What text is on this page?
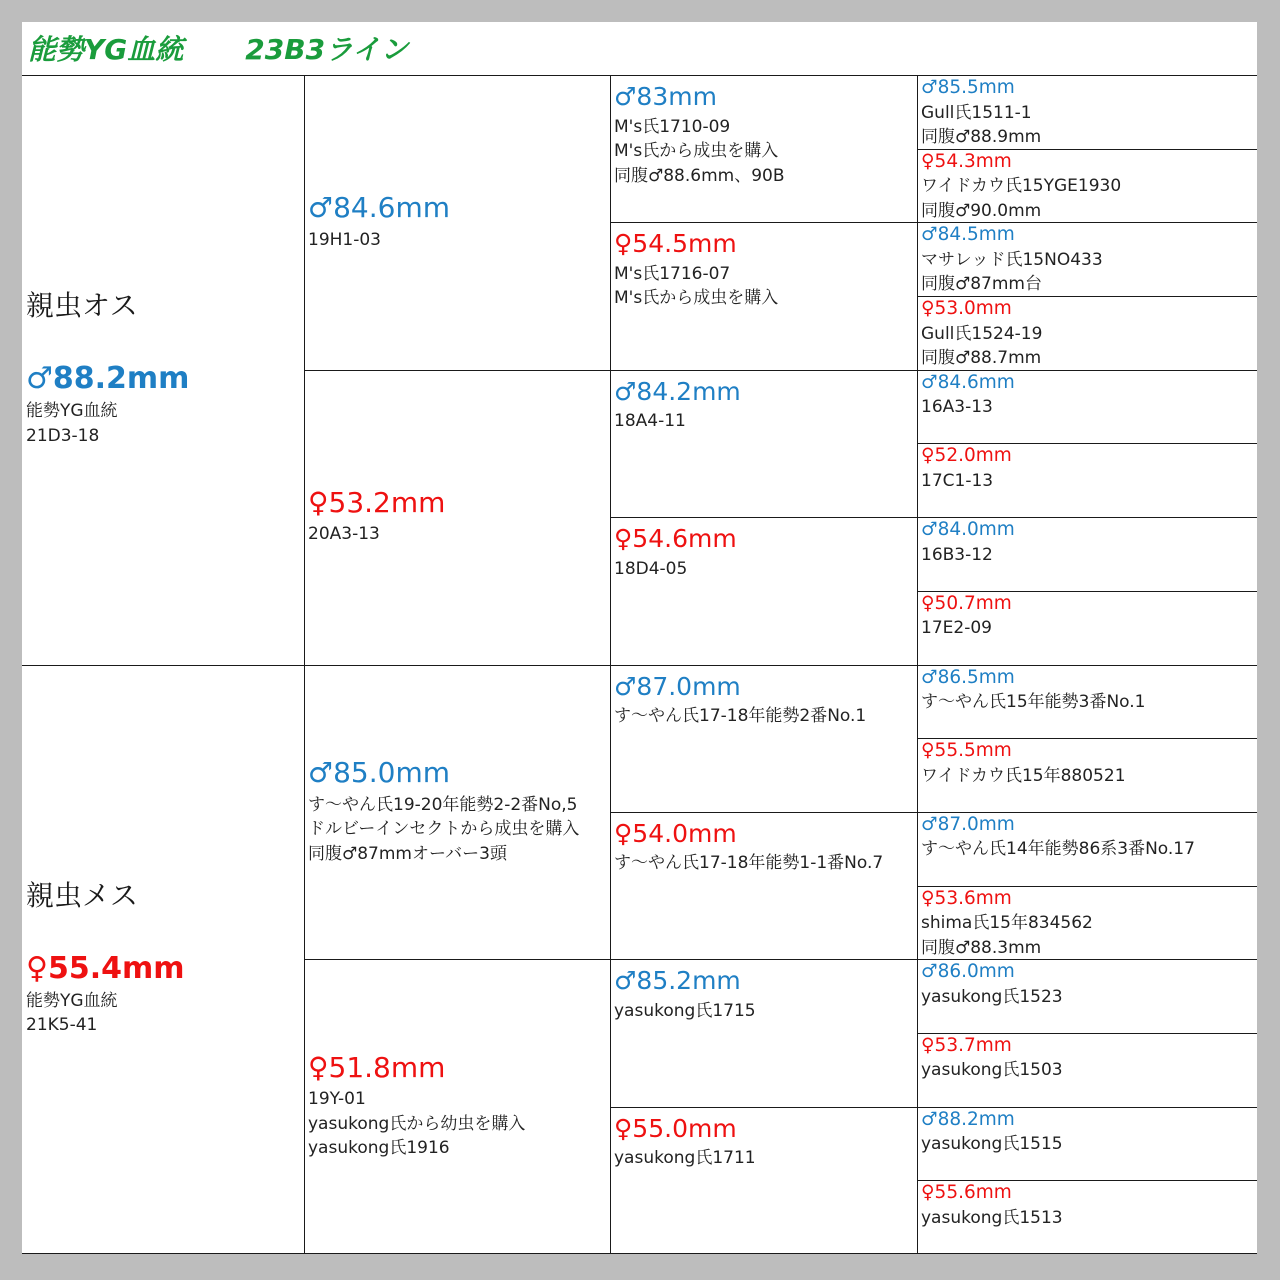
能勢YG血統 23B3ライン
親虫オス
♂88.2mm
能勢YG血統
21D3-18
親虫メス
♀55.4mm
能勢YG血統
21K5-41
♂84.6mm
19H1-03
♀53.2mm
20A3-13
♂85.0mm
す～やん氏19-20年能勢2-2番No,5
ドルビーインセクトから成虫を購入
同腹♂87mmオーバー3頭
♀51.8mm
19Y-01
yasukong氏から幼虫を購入
yasukong氏1916
♂83mm
M's氏1710-09
M's氏から成虫を購入
同腹♂88.6mm、90B
♀54.5mm
M's氏1716-07
M's氏から成虫を購入
♂84.2mm
18A4-11
♀54.6mm
18D4-05
♂87.0mm
す～やん氏17-18年能勢2番No.1
♀54.0mm
す～やん氏17-18年能勢1-1番No.7
♂85.2mm
yasukong氏1715
♀55.0mm
yasukong氏1711
♂85.5mm
Gull氏1511-1
同腹♂88.9mm
♀54.3mm
ワイドカウ氏15YGE1930
同腹♂90.0mm
♂84.5mm
マサレッド氏15NO433
同腹♂87mm台
♀53.0mm
Gull氏1524-19
同腹♂88.7mm
♂84.6mm
16A3-13
♀52.0mm
17C1-13
♂84.0mm
16B3-12
♀50.7mm
17E2-09
♂86.5mm
す～やん氏15年能勢3番No.1
♀55.5mm
ワイドカウ氏15年880521
♂87.0mm
す～やん氏14年能勢86系3番No.17
♀53.6mm
shima氏15年834562
同腹♂88.3mm
♂86.0mm
yasukong氏1523
♀53.7mm
yasukong氏1503
♂88.2mm
yasukong氏1515
♀55.6mm
yasukong氏1513
